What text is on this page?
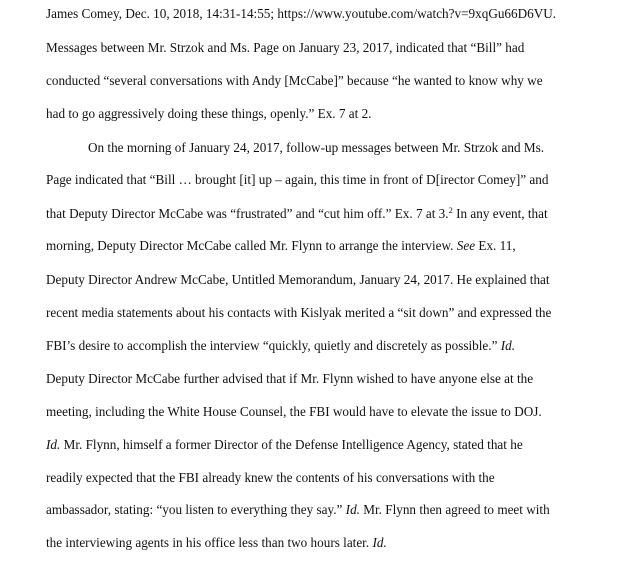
James Comey, Dec. 10, 2018, 14:31-14:55; https://www.youtube.com/watch?v=9xqGu66D6VU.
Messages between Mr. Strzok and Ms. Page on January 23, 2017, indicated that “Bill” had
conducted “several conversations with Andy [McCabe]” because “he wanted to know why we
had to go aggressively doing these things, openly.” Ex. 7 at 2.
On the morning of January 24, 2017, follow-up messages between Mr. Strzok and Ms.
Page indicated that “Bill … brought [it] up – again, this time in front of D[irector Comey]” and
that Deputy Director McCabe was “frustrated” and “cut him off.” Ex. 7 at 3.$^2$ In any event, that
morning, Deputy Director McCabe called Mr. Flynn to arrange the interview. See Ex. 11,
Deputy Director Andrew McCabe, Untitled Memorandum, January 24, 2017. He explained that
recent media statements about his contacts with Kislyak merited a “sit down” and expressed the
FBI’s desire to accomplish the interview “quickly, quietly and discretely as possible.” Id.
Deputy Director McCabe further advised that if Mr. Flynn wished to have anyone else at the
meeting, including the White House Counsel, the FBI would have to elevate the issue to DOJ.
Id. Mr. Flynn, himself a former Director of the Defense Intelligence Agency, stated that he
readily expected that the FBI already knew the contents of his conversations with the
ambassador, stating: “you listen to everything they say.” Id. Mr. Flynn then agreed to meet with
the interviewing agents in his office less than two hours later. Id.
